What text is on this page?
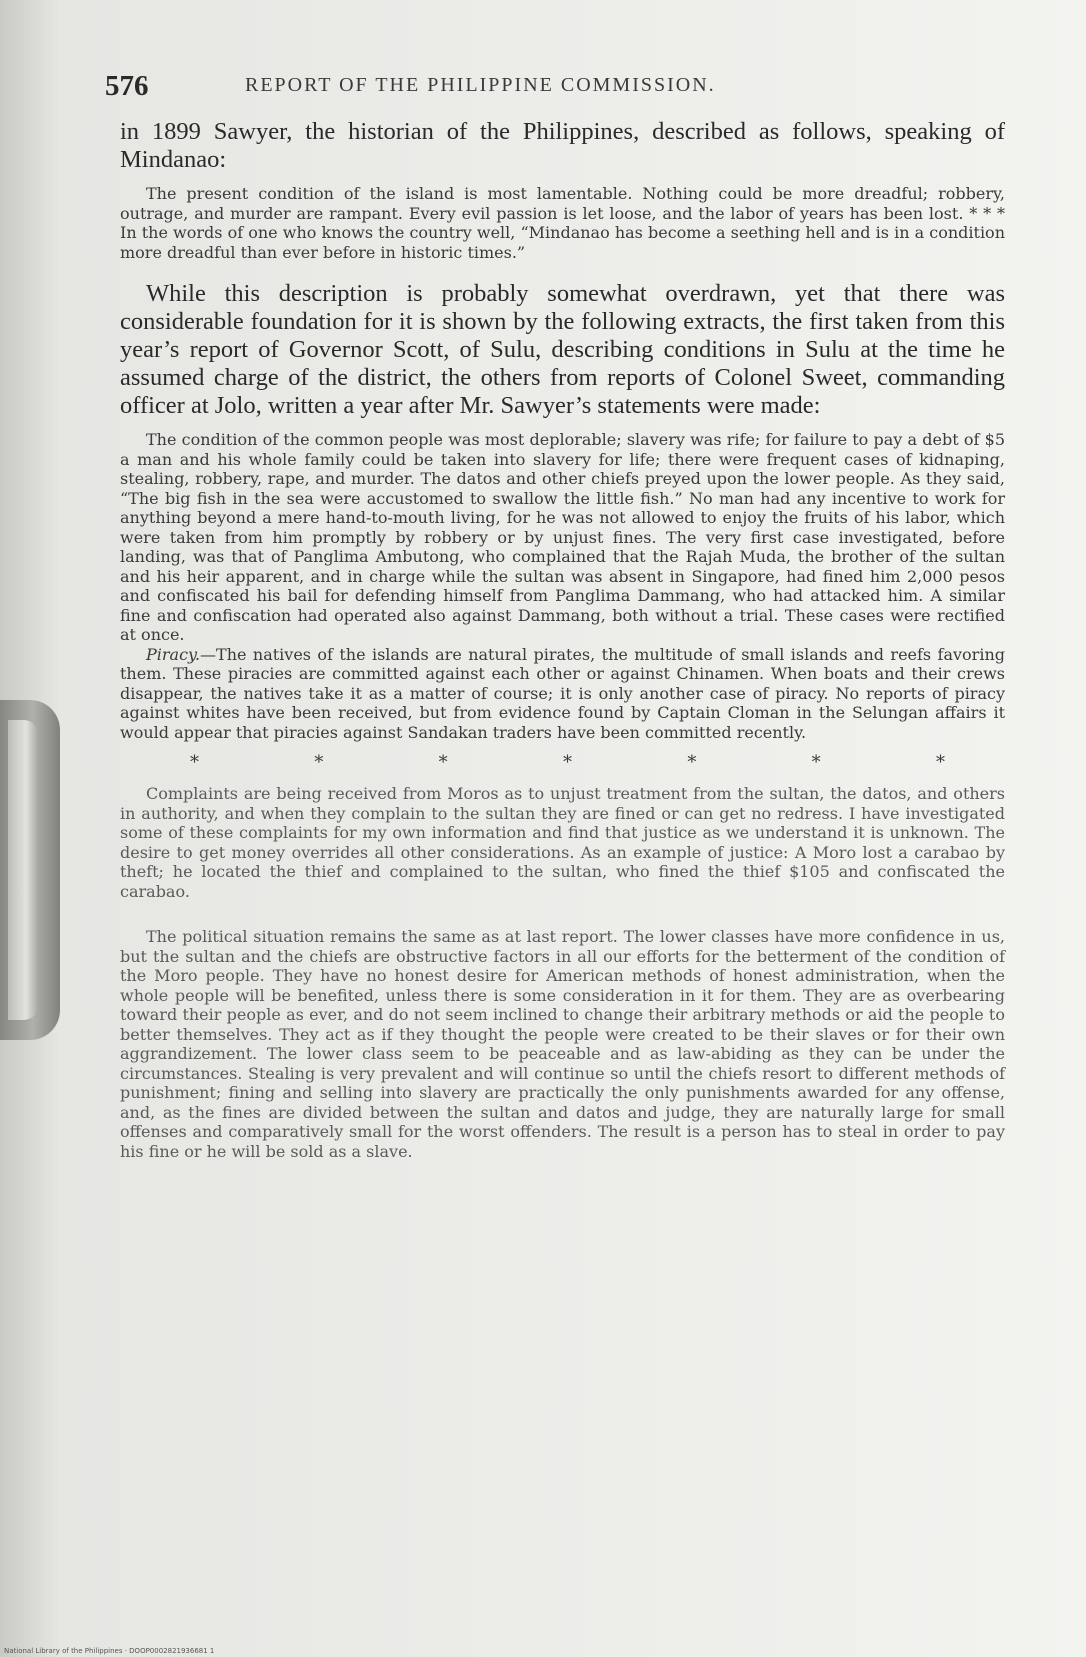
576	REPORT OF THE PHILIPPINE COMMISSION.

in 1899 Sawyer, the historian of the Philippines, described as follows, speaking of Mindanao:

The present condition of the island is most lamentable. Nothing could be more dreadful; robbery, outrage, and murder are rampant. Every evil passion is let loose, and the labor of years has been lost. * * * In the words of one who knows the country well, “Mindanao has become a seething hell and is in a condition more dreadful than ever before in historic times.”

While this description is probably somewhat overdrawn, yet that there was considerable foundation for it is shown by the following extracts, the first taken from this year’s report of Governor Scott, of Sulu, describing conditions in Sulu at the time he assumed charge of the district, the others from reports of Colonel Sweet, commanding officer at Jolo, written a year after Mr. Sawyer’s statements were made:

The condition of the common people was most deplorable; slavery was rife; for failure to pay a debt of $5 a man and his whole family could be taken into slavery for life; there were frequent cases of kidnaping, stealing, robbery, rape, and murder. The datos and other chiefs preyed upon the lower people. As they said, “The big fish in the sea were accustomed to swallow the little fish.” No man had any incentive to work for anything beyond a mere hand-to-mouth living, for he was not allowed to enjoy the fruits of his labor, which were taken from him promptly by robbery or by unjust fines. The very first case investigated, before landing, was that of Panglima Ambutong, who complained that the Rajah Muda, the brother of the sultan and his heir apparent, and in charge while the sultan was absent in Singapore, had fined him 2,000 pesos and confiscated his bail for defending himself from Panglima Dammang, who had attacked him. A similar fine and confiscation had operated also against Dammang, both without a trial. These cases were rectified at once.

Piracy.—The natives of the islands are natural pirates, the multitude of small islands and reefs favoring them. These piracies are committed against each other or against Chinamen. When boats and their crews disappear, the natives take it as a matter of course; it is only another case of piracy. No reports of piracy against whites have been received, but from evidence found by Captain Cloman in the Selungan affairs it would appear that piracies against Sandakan traders have been committed recently.

*	*	*	*	*	*	*

Complaints are being received from Moros as to unjust treatment from the sultan, the datos, and others in authority, and when they complain to the sultan they are fined or can get no redress. I have investigated some of these complaints for my own information and find that justice as we understand it is unknown. The desire to get money overrides all other considerations. As an example of justice: A Moro lost a carabao by theft; he located the thief and complained to the sultan, who fined the thief $105 and confiscated the carabao.

The political situation remains the same as at last report. The lower classes have more confidence in us, but the sultan and the chiefs are obstructive factors in all our efforts for the betterment of the condition of the Moro people. They have no honest desire for American methods of honest administration, when the whole people will be benefited, unless there is some consideration in it for them. They are as overbearing toward their people as ever, and do not seem inclined to change their arbitrary methods or aid the people to better themselves. They act as if they thought the people were created to be their slaves or for their own aggrandizement. The lower class seem to be peaceable and as law-abiding as they can be under the circumstances. Stealing is very prevalent and will continue so until the chiefs resort to different methods of punishment; fining and selling into slavery are practically the only punishments awarded for any offense, and, as the fines are divided between the sultan and datos and judge, they are naturally large for small offenses and comparatively small for the worst offenders. The result is a person has to steal in order to pay his fine or he will be sold as a slave.

National Library of the Philippines · DOOP0002821936681 1
